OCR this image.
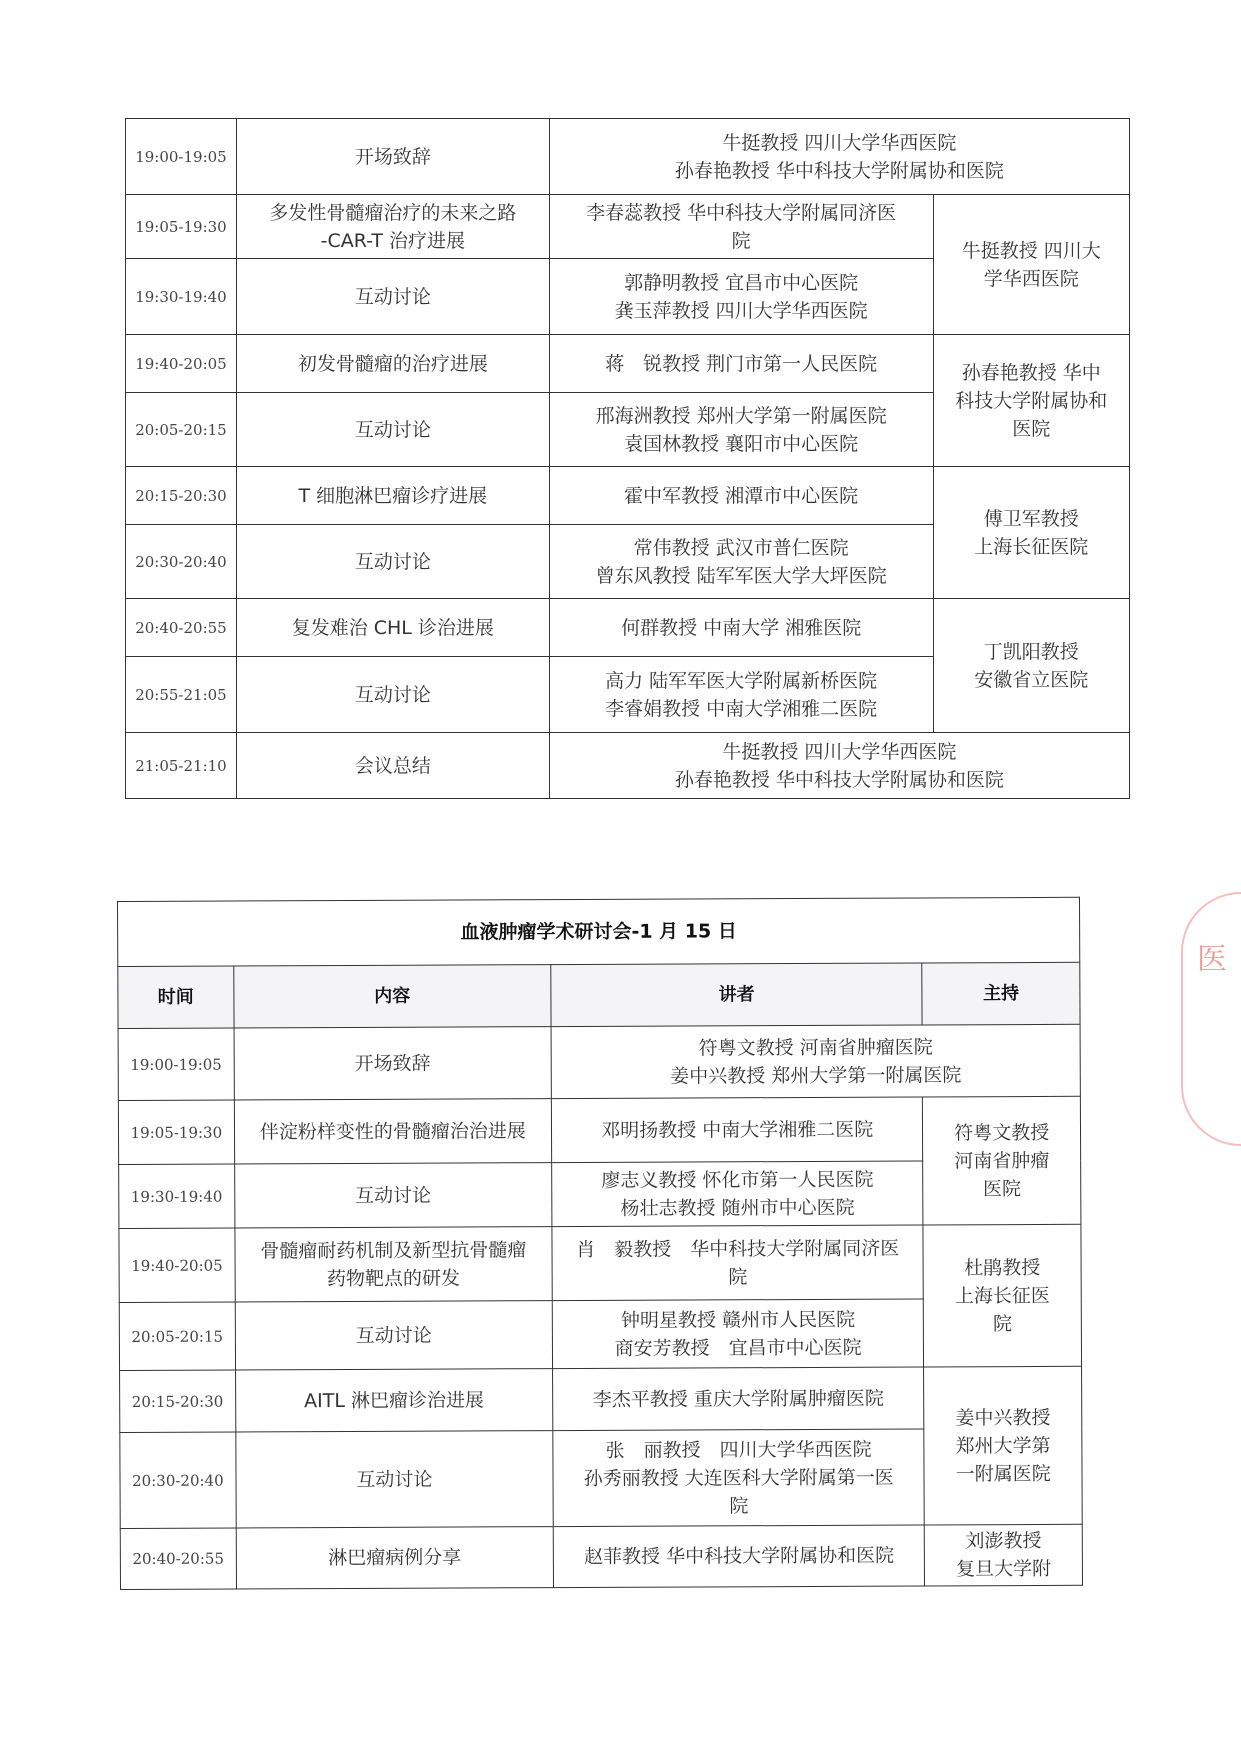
19:00-19:05	开场致辞	牛挺教授 四川大学华西医院
孙春艳教授 华中科技大学附属协和医院	

19:05-19:30	多发性骨髓瘤治疗的未来之路
-CAR-T 治疗进展	李春蕊教授 华中科技大学附属同济医
院	牛挺教授 四川大
学华西医院

19:30-19:40	互动讨论	郭静明教授 宜昌市中心医院
龚玉萍教授 四川大学华西医院	

19:40-20:05	初发骨髓瘤的治疗进展	蒋　锐教授 荆门市第一人民医院	孙春艳教授 华中
科技大学附属协和
医院

20:05-20:15	互动讨论	邢海洲教授 郑州大学第一附属医院
袁国林教授 襄阳市中心医院	

20:15-20:30	T 细胞淋巴瘤诊疗进展	霍中军教授 湘潭市中心医院	傅卫军教授
上海长征医院

20:30-20:40	互动讨论	常伟教授 武汉市普仁医院
曾东风教授 陆军军医大学大坪医院	

20:40-20:55	复发难治 CHL 诊治进展	何群教授 中南大学 湘雅医院	丁凯阳教授
安徽省立医院

20:55-21:05	互动讨论	高力 陆军军医大学附属新桥医院
李睿娟教授 中南大学湘雅二医院	

21:05-21:10	会议总结	牛挺教授 四川大学华西医院
孙春艳教授 华中科技大学附属协和医院	
血液肿瘤学术研讨会-1 月 15 日			
时间	内容	讲者	主持
19:00-19:05	开场致辞	符粤文教授 河南省肿瘤医院
姜中兴教授 郑州大学第一附属医院	

19:05-19:30	伴淀粉样变性的骨髓瘤治治进展	邓明扬教授 中南大学湘雅二医院	符粤文教授
河南省肿瘤
医院

19:30-19:40	互动讨论	廖志义教授 怀化市第一人民医院
杨壮志教授 随州市中心医院	

19:40-20:05	骨髓瘤耐药机制及新型抗骨髓瘤
药物靶点的研发	肖　毅教授　华中科技大学附属同济医
院	杜鹃教授
上海长征医
院

20:05-20:15	互动讨论	钟明星教授 赣州市人民医院
商安芳教授　宜昌市中心医院	

20:15-20:30	AITL 淋巴瘤诊治进展	李杰平教授 重庆大学附属肿瘤医院	姜中兴教授
郑州大学第
一附属医院

20:30-20:40	互动讨论	张　丽教授　四川大学华西医院
孙秀丽教授 大连医科大学附属第一医
院	

20:40-20:55	淋巴瘤病例分享	赵菲教授 华中科技大学附属协和医院	刘澎教授
复旦大学附
医
